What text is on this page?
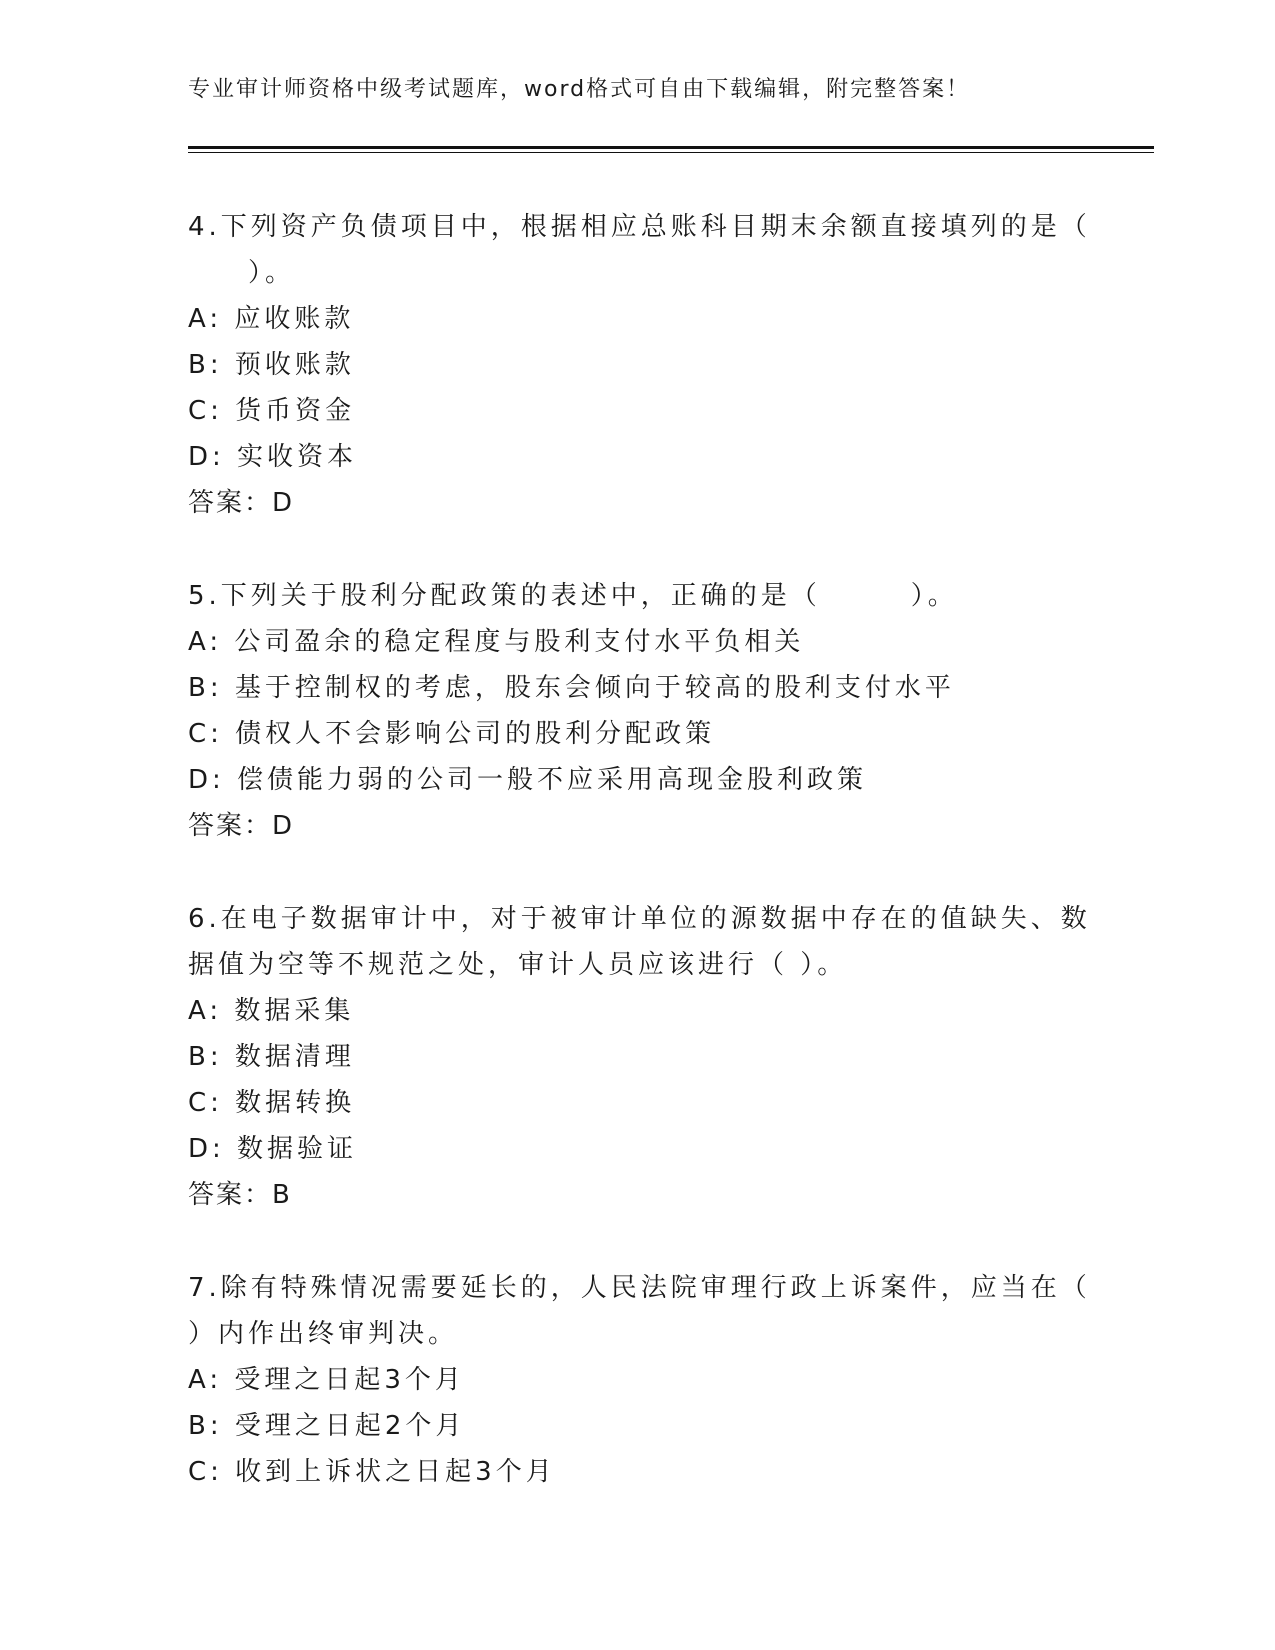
专业审计师资格中级考试题库，word格式可自由下载编辑，附完整答案！
4.下列资产负债项目中，根据相应总账科目期末余额直接填列的是（
　　）。
A: 应收账款
B: 预收账款
C: 货币资金
D: 实收资本
答案：D
5.下列关于股利分配政策的表述中，正确的是（　　　）。
A: 公司盈余的稳定程度与股利支付水平负相关
B: 基于控制权的考虑，股东会倾向于较高的股利支付水平
C: 债权人不会影响公司的股利分配政策
D: 偿债能力弱的公司一般不应采用高现金股利政策
答案：D
6.在电子数据审计中，对于被审计单位的源数据中存在的值缺失、数
据值为空等不规范之处，审计人员应该进行（ ）。
A: 数据采集
B: 数据清理
C: 数据转换
D: 数据验证
答案：B
7.除有特殊情况需要延长的，人民法院审理行政上诉案件，应当在（
）内作出终审判决。
A: 受理之日起3个月
B: 受理之日起2个月
C: 收到上诉状之日起3个月
